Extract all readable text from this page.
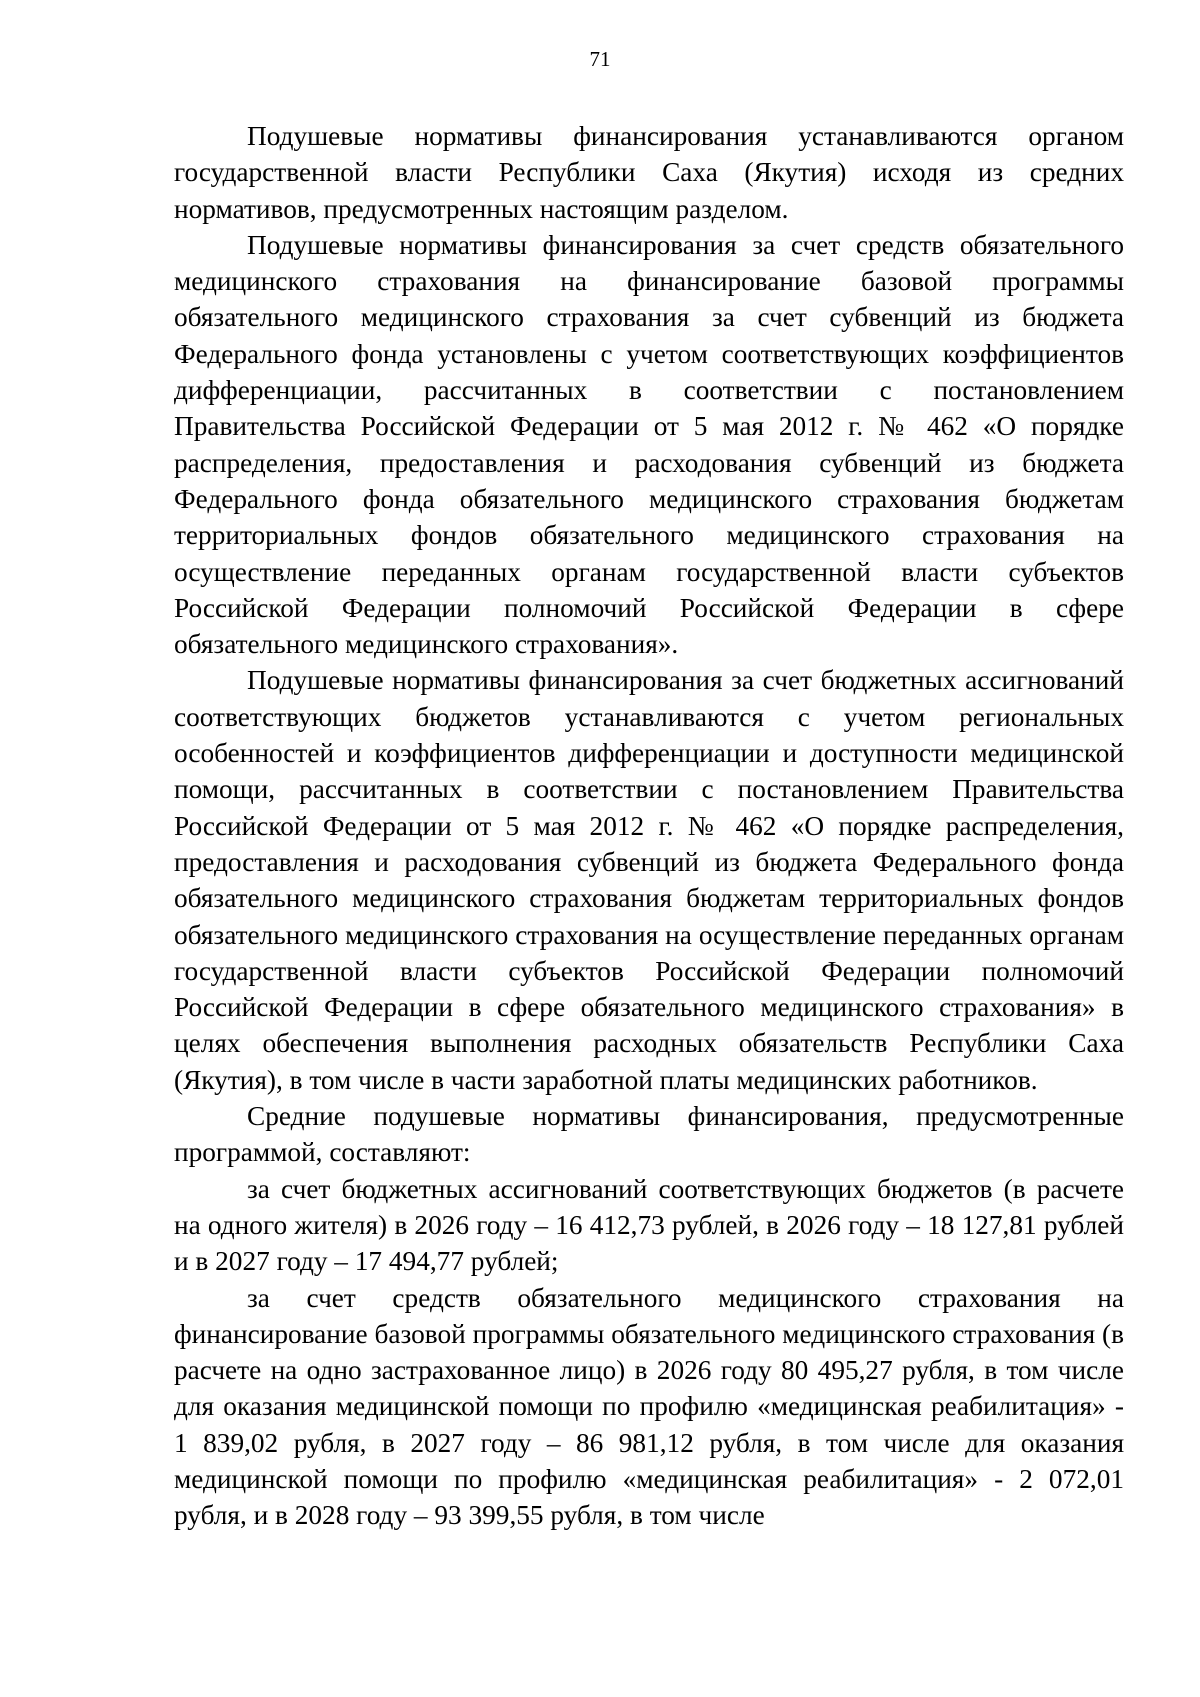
71

Подушевые нормативы финансирования устанавливаются органом государственной власти Республики Саха (Якутия) исходя из средних нормативов, предусмотренных настоящим разделом.

Подушевые нормативы финансирования за счет средств обязательного медицинского страхования на финансирование базовой программы обязательного медицинского страхования за счет субвенций из бюджета Федерального фонда установлены с учетом соответствующих коэффициентов дифференциации, рассчитанных в соответствии с постановлением Правительства Российской Федерации от 5 мая 2012 г. № 462 «О порядке распределения, предоставления и расходования субвенций из бюджета Федерального фонда обязательного медицинского страхования бюджетам территориальных фондов обязательного медицинского страхования на осуществление переданных органам государственной власти субъектов Российской Федерации полномочий Российской Федерации в сфере обязательного медицинского страхования».

Подушевые нормативы финансирования за счет бюджетных ассигнований соответствующих бюджетов устанавливаются с учетом региональных особенностей и коэффициентов дифференциации и доступности медицинской помощи, рассчитанных в соответствии с постановлением Правительства Российской Федерации от 5 мая 2012 г. № 462 «О порядке распределения, предоставления и расходования субвенций из бюджета Федерального фонда обязательного медицинского страхования бюджетам территориальных фондов обязательного медицинского страхования на осуществление переданных органам государственной власти субъектов Российской Федерации полномочий Российской Федерации в сфере обязательного медицинского страхования» в целях обеспечения выполнения расходных обязательств Республики Саха (Якутия), в том числе в части заработной платы медицинских работников.

Средние подушевые нормативы финансирования, предусмотренные программой, составляют:

за счет бюджетных ассигнований соответствующих бюджетов (в расчете на одного жителя) в 2026 году – 16 412,73 рублей, в 2026 году – 18 127,81 рублей и в 2027 году – 17 494,77 рублей;

за счет средств обязательного медицинского страхования на финансирование базовой программы обязательного медицинского страхования (в расчете на одно застрахованное лицо) в 2026 году 80 495,27 рубля, в том числе для оказания медицинской помощи по профилю «медицинская реабилитация» - 1 839,02 рубля, в 2027 году – 86 981,12 рубля, в том числе для оказания медицинской помощи по профилю «медицинская реабилитация» - 2 072,01 рубля, и в 2028 году – 93 399,55 рубля, в том числе
